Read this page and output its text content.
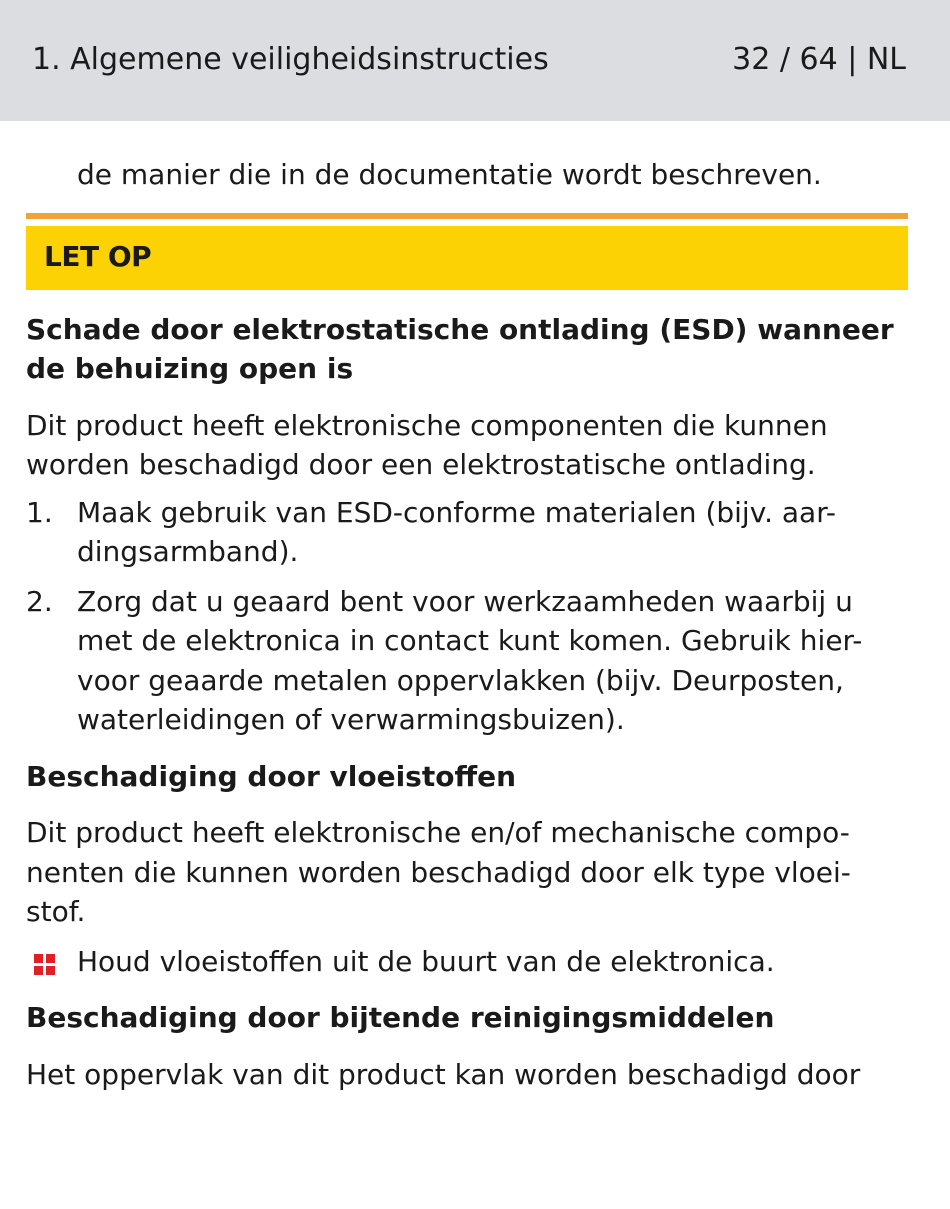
1. Algemene veiligheidsinstructies	32 / 64 | NL
de manier die in de documentatie wordt beschreven.
LET OP
Schade door elektrostatische ontlading (ESD) wanneer de behuizing open is
Dit product heeft elektronische componenten die kunnen worden beschadigd door een elektrostatische ontlading.
1. Maak gebruik van ESD-conforme materialen (bijv. aar-dingsarmband).
2. Zorg dat u geaard bent voor werkzaamheden waarbij u met de elektronica in contact kunt komen. Gebruik hier-voor geaarde metalen oppervlakken (bijv. Deurposten, waterleidingen of verwarmingsbuizen).
Beschadiging door vloeistoffen
Dit product heeft elektronische en/of mechanische compo-nenten die kunnen worden beschadigd door elk type vloei-stof.
Houd vloeistoffen uit de buurt van de elektronica.
Beschadiging door bijtende reinigingsmiddelen
Het oppervlak van dit product kan worden beschadigd door
